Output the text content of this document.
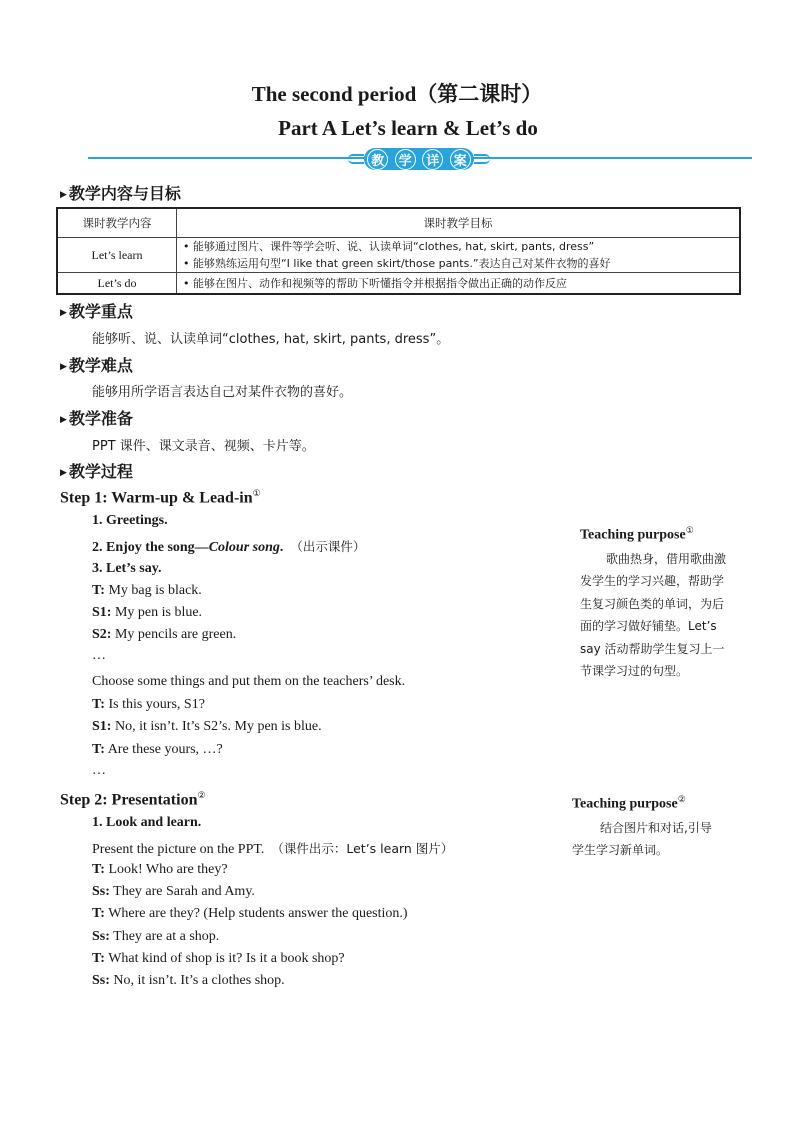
The second period（第二课时）
Part A Let’s learn & Let’s do
教	学	详	案
▶ 教学内容与目标
课时教学内容	课时教学目标
Let’s learn	• 能够通过图片、课件等学会听、说、认读单词“clothes, hat, skirt, pants, dress”
• 能够熟练运用句型“I like that green skirt/those pants.”表达自己对某件衣物的喜好

Let’s do	• 能够在图片、动作和视频等的帮助下听懂指令并根据指令做出正确的动作反应
▶ 教学重点
能够听、说、认读单词“clothes, hat, skirt, pants, dress”。
▶ 教学难点
能够用所学语言表达自己对某件衣物的喜好。
▶ 教学准备
PPT 课件、课文录音、视频、卡片等。
▶ 教学过程
Step 1: Warm-up & Lead-in①
1. Greetings.
2. Enjoy the song—Colour song. （出示课件）
3. Let’s say.
T: My bag is black.
S1: My pen is blue.
S2: My pencils are green.
…
Choose some things and put them on the teachers’ desk.
T: Is this yours, S1?
S1: No, it isn’t. It’s S2’s. My pen is blue.
T: Are these yours, …?
…
Teaching purpose①
歌曲热身，借用歌曲激
发学生的学习兴趣，帮助学
生复习颜色类的单词，为后
面的学习做好铺垫。Let’s
say 活动帮助学生复习上一
节课学习过的句型。
Step 2: Presentation②
1. Look and learn.
Present the picture on the PPT. （课件出示：Let’s learn 图片）
T: Look! Who are they?
Ss: They are Sarah and Amy.
T: Where are they? (Help students answer the question.)
Ss: They are at a shop.
T: What kind of shop is it? Is it a book shop?
Ss: No, it isn’t. It’s a clothes shop.
Teaching purpose②
结合图片和对话,引导
学生学习新单词。
